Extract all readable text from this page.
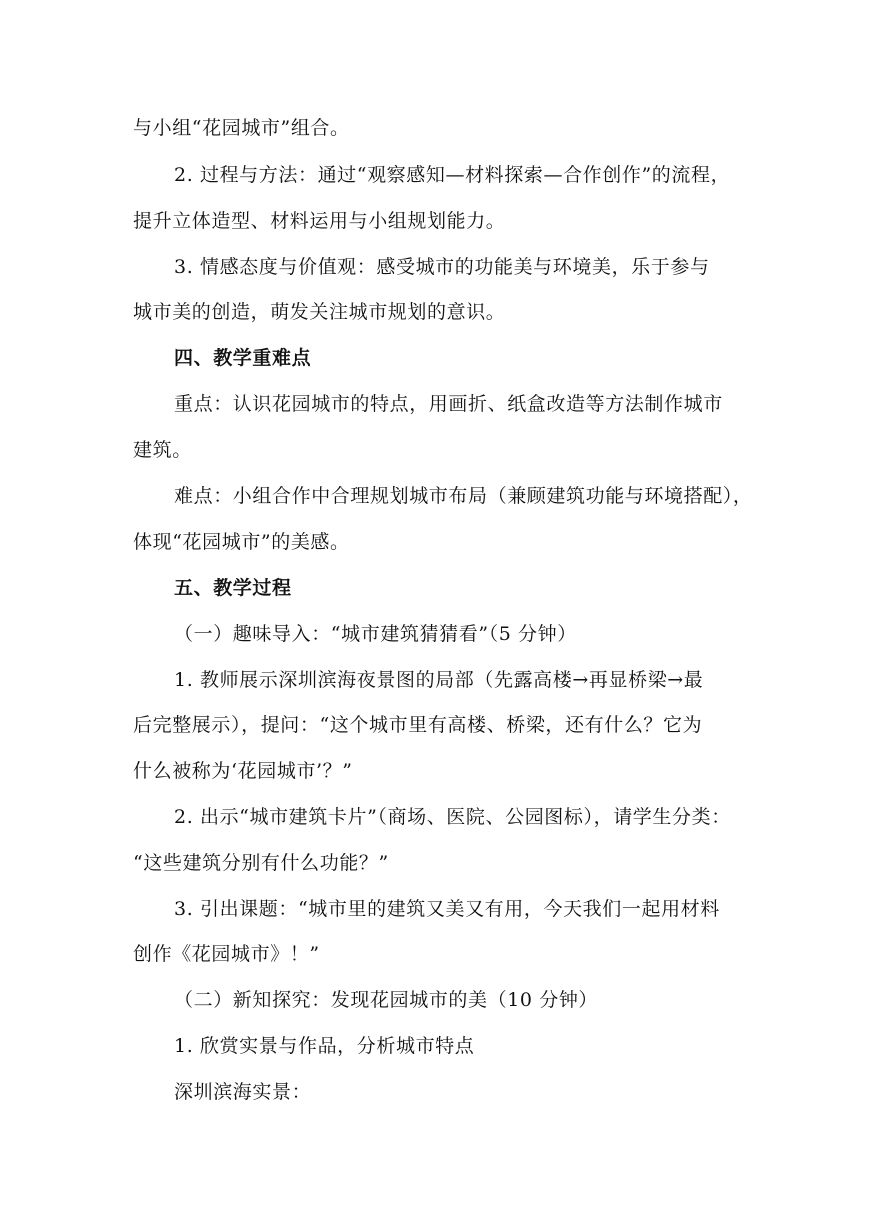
与小组“花园城市”组合。
2. 过程与方法：通过“观察感知—材料探索—合作创作”的流程，
提升立体造型、材料运用与小组规划能力。
3. 情感态度与价值观：感受城市的功能美与环境美，乐于参与
城市美的创造，萌发关注城市规划的意识。
四、教学重难点
重点：认识花园城市的特点，用画折、纸盒改造等方法制作城市
建筑。
难点：小组合作中合理规划城市布局（兼顾建筑功能与环境搭配），
体现“花园城市”的美感。
五、教学过程
（一）趣味导入：“城市建筑猜猜看”（5 分钟）
1. 教师展示深圳滨海夜景图的局部（先露高楼→再显桥梁→最
后完整展示），提问：“这个城市里有高楼、桥梁，还有什么？它为
什么被称为‘花园城市’？”
2. 出示“城市建筑卡片”（商场、医院、公园图标），请学生分类：
“这些建筑分别有什么功能？”
3. 引出课题：“城市里的建筑又美又有用，今天我们一起用材料
创作《花园城市》！”
（二）新知探究：发现花园城市的美（10 分钟）
1. 欣赏实景与作品，分析城市特点
深圳滨海实景：
